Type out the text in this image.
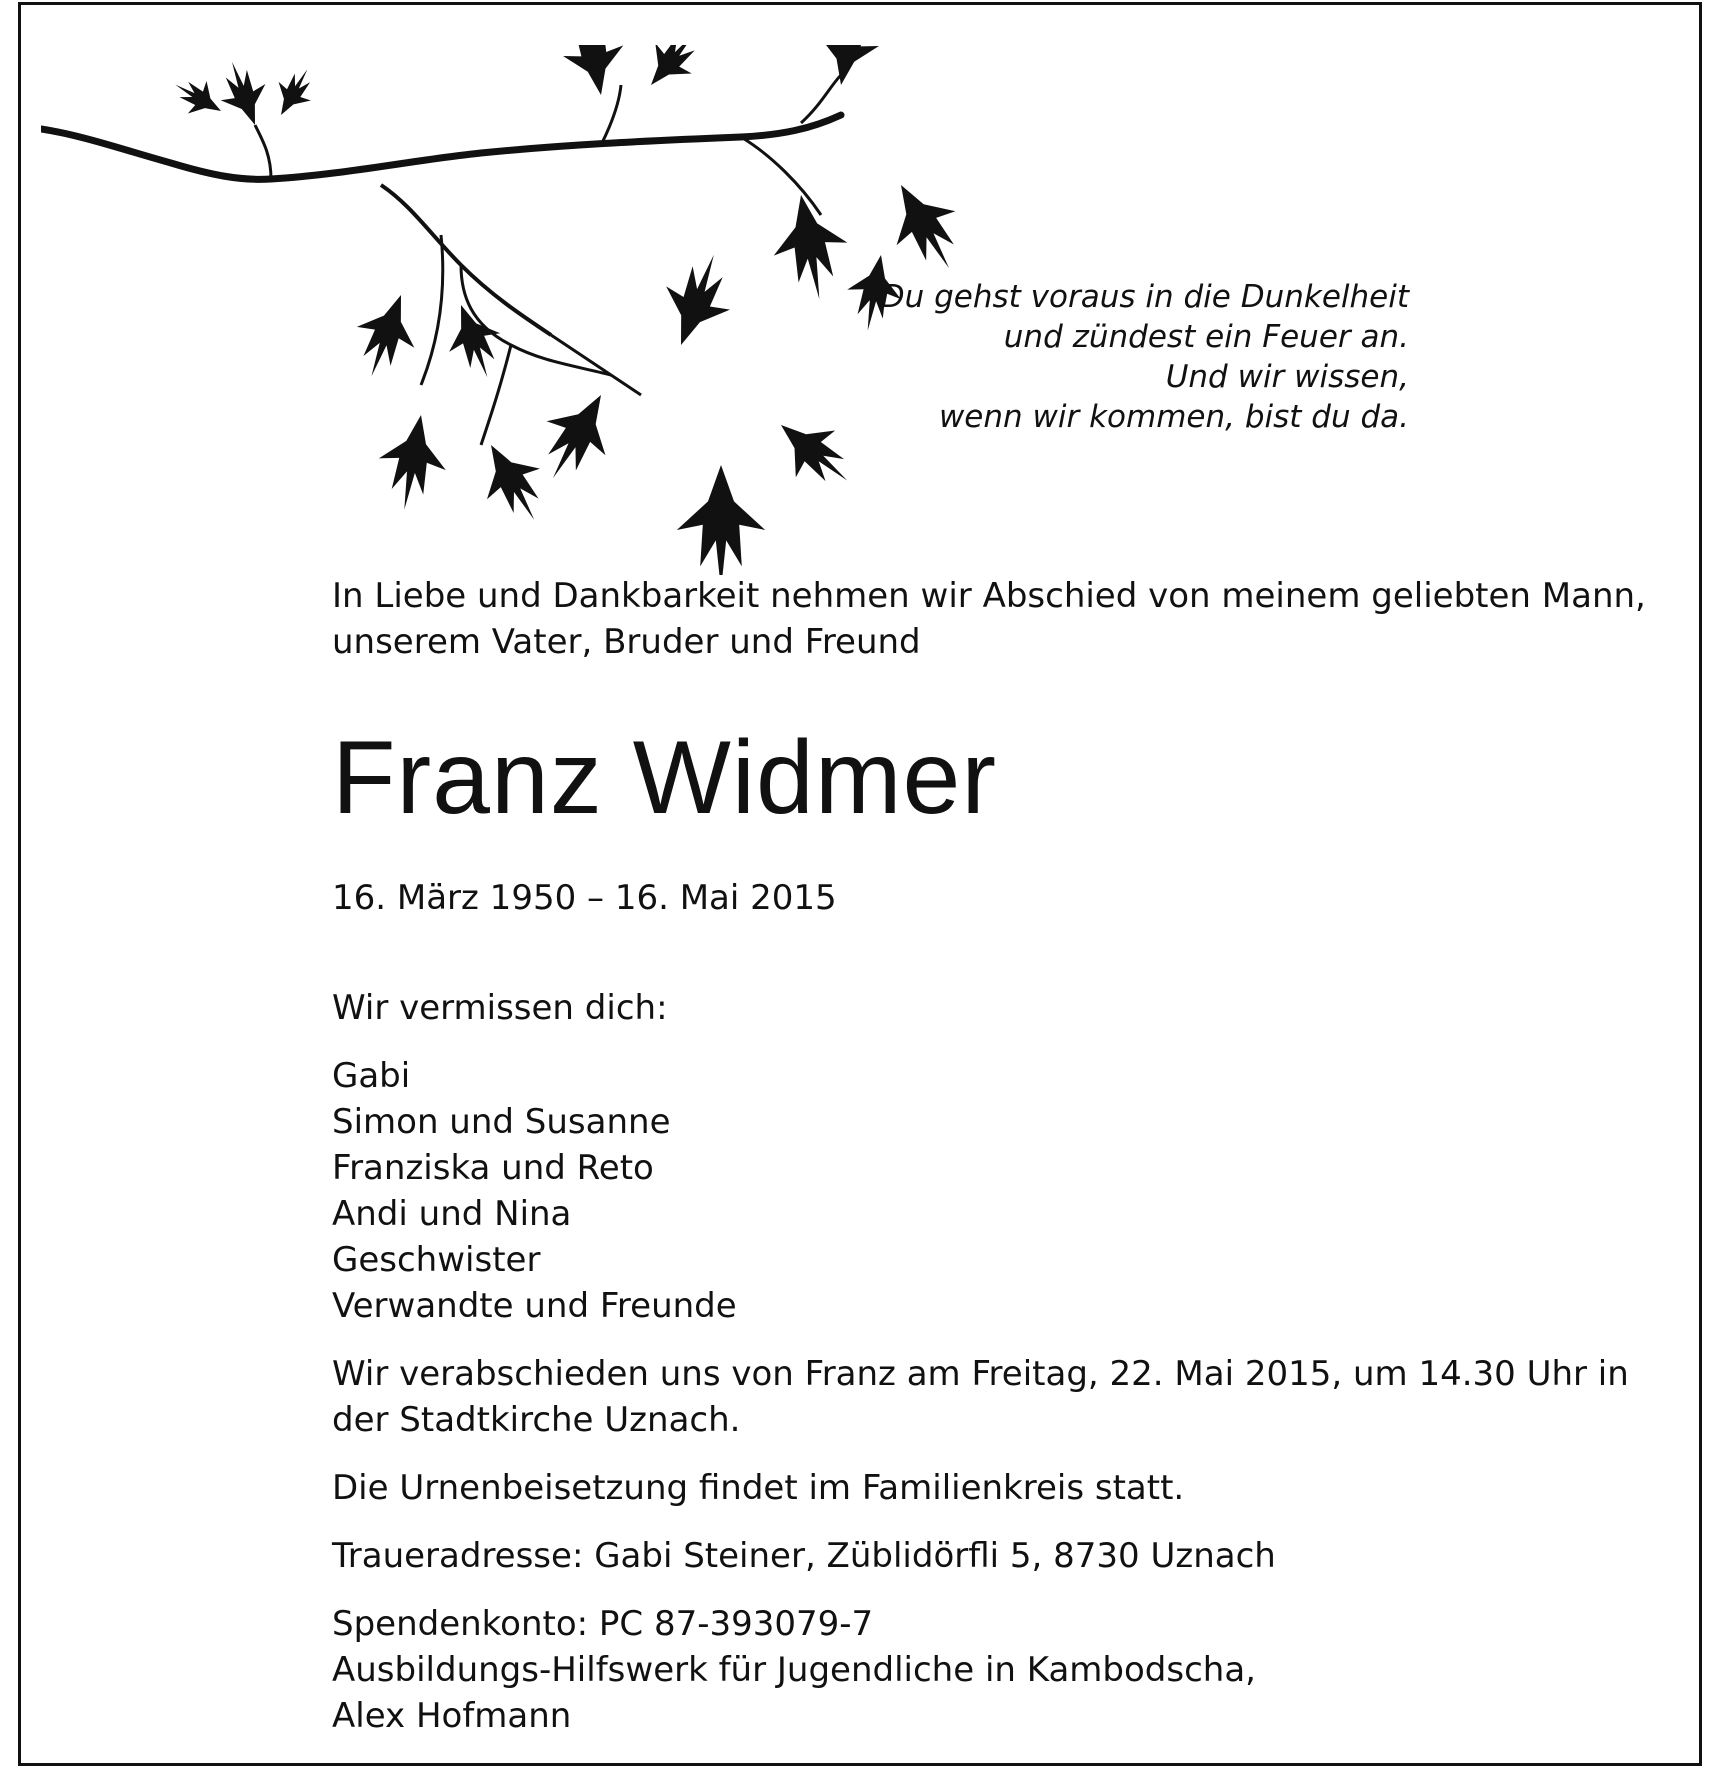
Du gehst voraus in die Dunkelheit
und zündest ein Feuer an.
Und wir wissen,
wenn wir kommen, bist du da.
In Liebe und Dankbarkeit nehmen wir Abschied von meinem geliebten Mann,
unserem Vater, Bruder und Freund
Franz Widmer
16. März 1950 – 16. Mai 2015
Wir vermissen dich:
Gabi
Simon und Susanne
Franziska und Reto
Andi und Nina
Geschwister
Verwandte und Freunde
Wir verabschieden uns von Franz am Freitag, 22. Mai 2015, um 14.30 Uhr in
der Stadtkirche Uznach.
Die Urnenbeisetzung findet im Familienkreis statt.
Traueradresse: Gabi Steiner, Züblidörfli 5, 8730 Uznach
Spendenkonto: PC 87-393079-7
Ausbildungs-Hilfswerk für Jugendliche in Kambodscha,
Alex Hofmann
